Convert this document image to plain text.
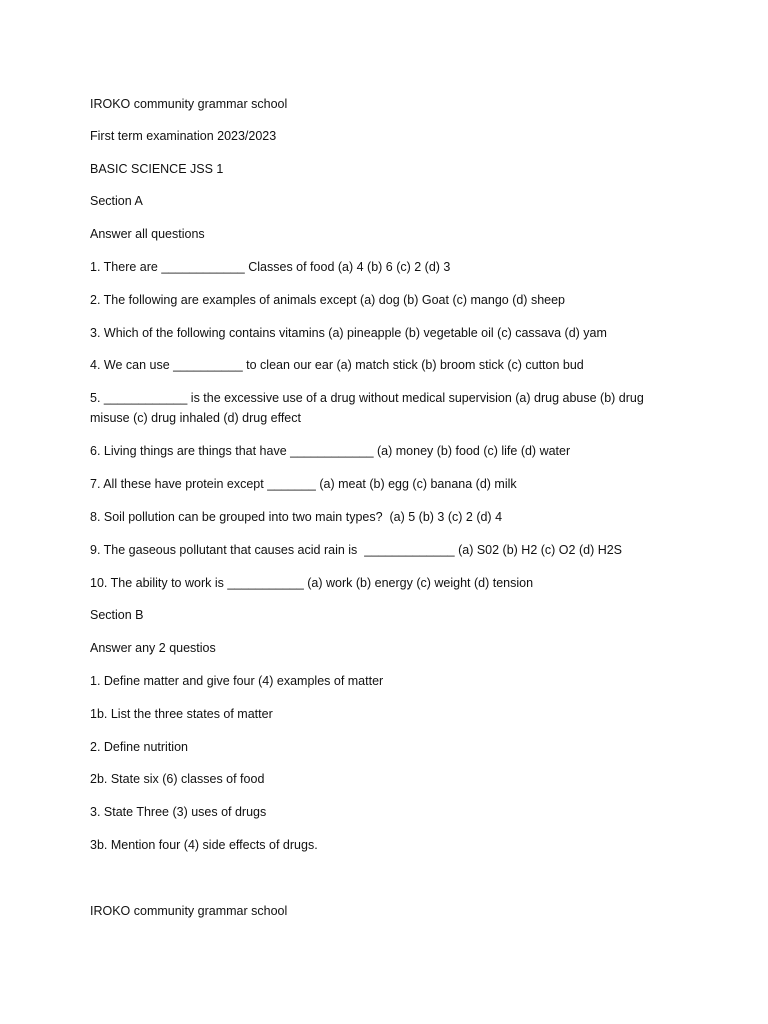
IROKO community grammar school
First term examination 2023/2023
BASIC SCIENCE JSS 1
Section A
Answer all questions
1. There are ____________ Classes of food (a) 4 (b) 6 (c) 2 (d) 3
2. The following are examples of animals except (a) dog (b) Goat (c) mango (d) sheep
3. Which of the following contains vitamins (a) pineapple (b) vegetable oil (c) cassava (d) yam
4. We can use __________ to clean our ear (a) match stick (b) broom stick (c) cutton bud
5. ____________ is the excessive use of a drug without medical supervision (a) drug abuse (b) drug misuse (c) drug inhaled (d) drug effect
6. Living things are things that have ____________ (a) money (b) food (c) life (d) water
7. All these have protein except _______ (a) meat (b) egg (c) banana (d) milk
8. Soil pollution can be grouped into two main types?  (a) 5 (b) 3 (c) 2 (d) 4
9. The gaseous pollutant that causes acid rain is  _____________ (a) S02 (b) H2 (c) O2 (d) H2S
10. The ability to work is ___________ (a) work (b) energy (c) weight (d) tension
Section B
Answer any 2 questios
1. Define matter and give four (4) examples of matter
1b. List the three states of matter
2. Define nutrition
2b. State six (6) classes of food
3. State Three (3) uses of drugs
3b. Mention four (4) side effects of drugs.
IROKO community grammar school
